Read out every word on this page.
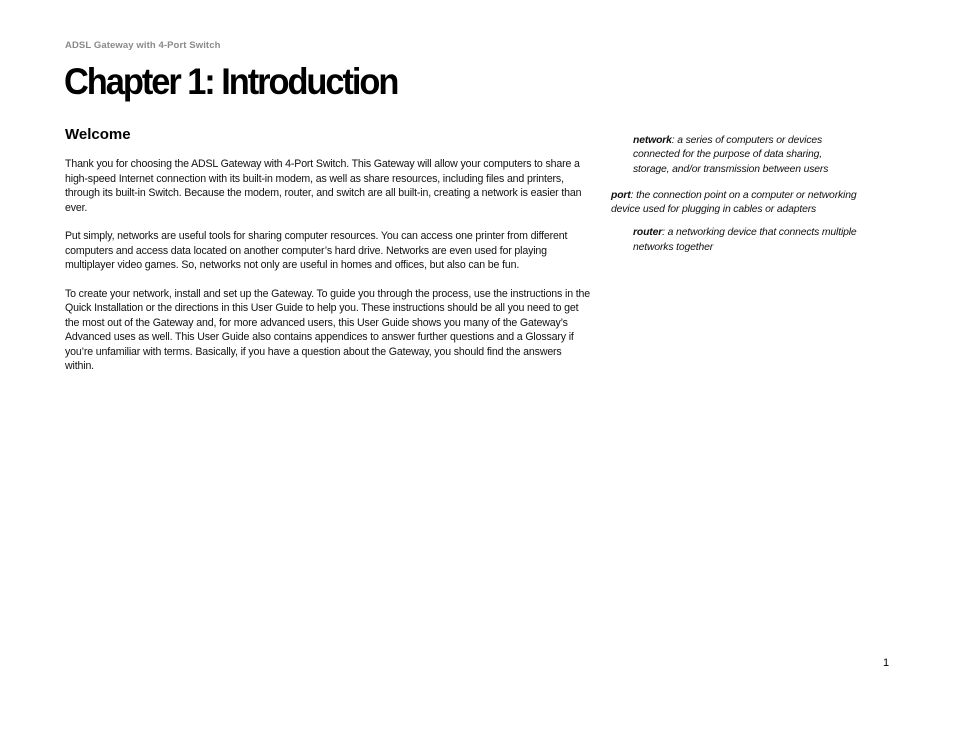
ADSL Gateway with 4-Port Switch
Chapter 1: Introduction
Welcome

Thank you for choosing the ADSL Gateway with 4-Port Switch. This Gateway will allow your computers to share a high-speed Internet connection with its built-in modem, as well as share resources, including files and printers, through its built-in Switch. Because the modem, router, and switch are all built-in, creating a network is easier than ever.

Put simply, networks are useful tools for sharing computer resources. You can access one printer from different computers and access data located on another computer’s hard drive. Networks are even used for playing multiplayer video games. So, networks not only are useful in homes and offices, but also can be fun.

To create your network, install and set up the Gateway. To guide you through the process, use the instructions in the Quick Installation or the directions in this User Guide to help you. These instructions should be all you need to get the most out of the Gateway and, for more advanced users, this User Guide shows you many of the Gateway’s Advanced uses as well. This User Guide also contains appendices to answer further questions and a Glossary if you’re unfamiliar with terms. Basically, if you have a question about the Gateway, you should find the answers within.

network: a series of computers or devices connected for the purpose of data sharing, storage, and/or transmission between users
port: the connection point on a computer or networking device used for plugging in cables or adapters
router: a networking device that connects multiple networks together
1
